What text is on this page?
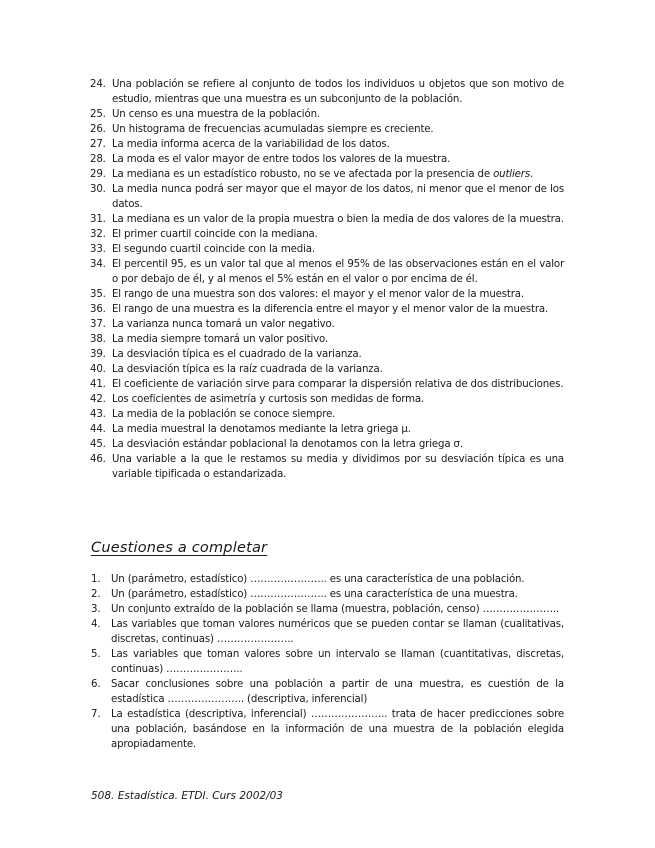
24. Una población se refiere al conjunto de todos los individuos u objetos que son motivo de estudio, mientras que una muestra es un subconjunto de la población.
25. Un censo es una muestra de la población.
26. Un histograma de frecuencias acumuladas siempre es creciente.
27. La media informa acerca de la variabilidad de los datos.
28. La moda es el valor mayor de entre todos los valores de la muestra.
29. La mediana es un estadístico robusto, no se ve afectada por la presencia de outliers.
30. La media nunca podrá ser mayor que el mayor de los datos, ni menor que el menor de los datos.
31. La mediana es un valor de la propia muestra o bien la media de dos valores de la muestra.
32. El primer cuartil coincide con la mediana.
33. El segundo cuartil coincide con la media.
34. El percentil 95, es un valor tal que al menos el 95% de las observaciones están en el valor o por debajo de él, y al menos el 5% están en el valor o por encima de él.
35. El rango de una muestra son dos valores: el mayor y el menor valor de la muestra.
36. El rango de una muestra es la diferencia entre el mayor y el menor valor de la muestra.
37. La varianza nunca tomará un valor negativo.
38. La media siempre tomará un valor positivo.
39. La desviación típica es el cuadrado de la varianza.
40. La desviación típica es la raíz cuadrada de la varianza.
41. El coeficiente de variación sirve para comparar la dispersión relativa de dos distribuciones.
42. Los coeficientes de asimetría y curtosis son medidas de forma.
43. La media de la población se conoce siempre.
44. La media muestral la denotamos mediante la letra griega μ.
45. La desviación estándar poblacional la denotamos con la letra griega σ.
46. Una variable a la que le restamos su media y dividimos por su desviación típica es una variable tipificada o estandarizada.
Cuestiones a completar
1. Un (parámetro, estadístico) ………………….. es una característica de una población.
2. Un (parámetro, estadístico) ………………….. es una característica de una muestra.
3. Un conjunto extraído de la población se llama (muestra, población, censo) …………………..
4. Las variables que toman valores numéricos que se pueden contar se llaman (cualitativas, discretas, continuas) …………………..
5. Las variables que toman valores sobre un intervalo se llaman (cuantitativas, discretas, continuas) …………………..
6. Sacar conclusiones sobre una población a partir de una muestra, es cuestión de la estadística ………………….. (descriptiva, inferencial)
7. La estadística (descriptiva, inferencial) ………………….. trata de hacer predicciones sobre una población, basándose en la información de una muestra de la población elegida apropiadamente.
508. Estadística. ETDI. Curs 2002/03
